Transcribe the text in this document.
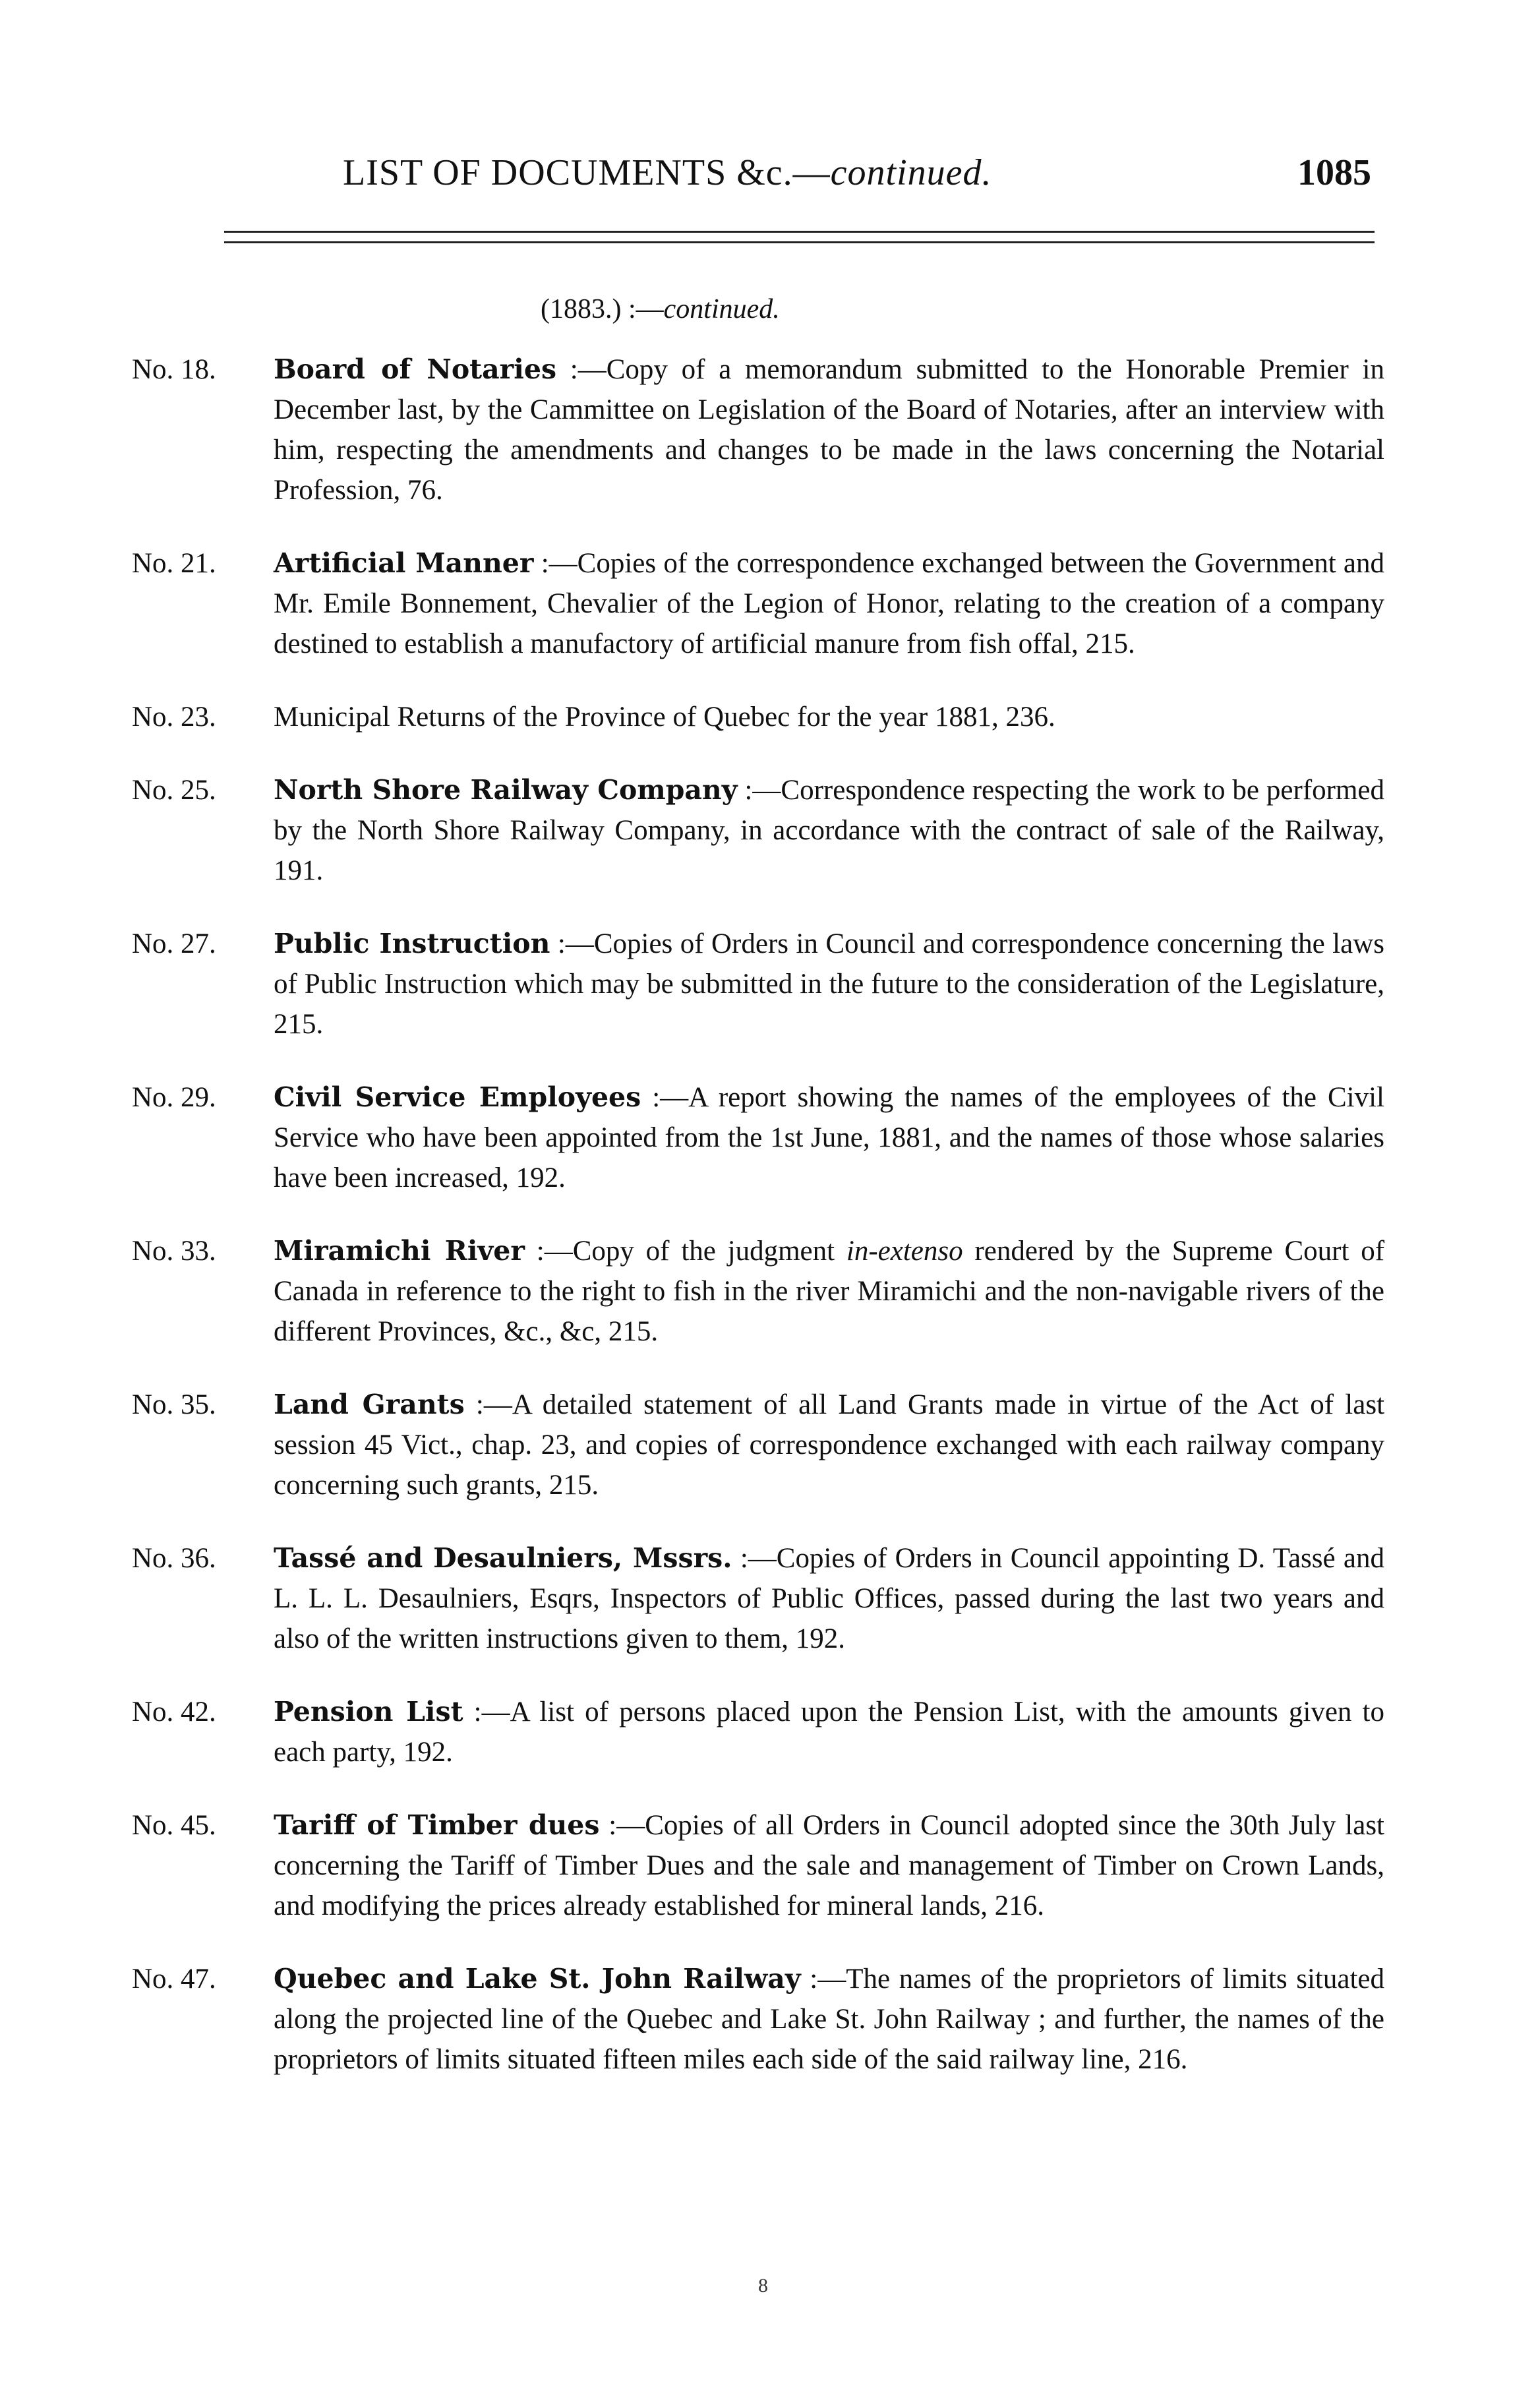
LIST OF DOCUMENTS &c.—continued.	1085
(1883.) :—continued.
No. 18. Board of Notaries :—Copy of a memorandum submitted to the Honorable Premier in December last, by the Cammittee on Legislation of the Board of Notaries, after an interview with him, respecting the amendments and changes to be made in the laws concerning the Notarial Profession, 76.
No. 21. Artificial Manner :—Copies of the correspondence exchanged between the Government and Mr. Emile Bonnement, Chevalier of the Legion of Honor, relating to the creation of a company destined to establish a manufactory of artificial manure from fish offal, 215.
No. 23. Municipal Returns of the Province of Quebec for the year 1881, 236.
No. 25. North Shore Railway Company :—Correspondence respecting the work to be performed by the North Shore Railway Company, in accordance with the contract of sale of the Railway, 191.
No. 27. Public Instruction :—Copies of Orders in Council and correspondence concerning the laws of Public Instruction which may be submitted in the future to the consideration of the Legislature, 215.
No. 29. Civil Service Employees :—A report showing the names of the employees of the Civil Service who have been appointed from the 1st June, 1881, and the names of those whose salaries have been increased, 192.
No. 33. Miramichi River :—Copy of the judgment in-extenso rendered by the Supreme Court of Canada in reference to the right to fish in the river Miramichi and the non-navigable rivers of the different Provinces, &c., &c, 215.
No. 35. Land Grants :—A detailed statement of all Land Grants made in virtue of the Act of last session 45 Vict., chap. 23, and copies of correspondence exchanged with each railway company concerning such grants, 215.
No. 36. Tassé and Desaulniers, Mssrs. :—Copies of Orders in Council appointing D. Tassé and L. L. L. Desaulniers, Esqrs, Inspectors of Public Offices, passed during the last two years and also of the written instructions given to them, 192.
No. 42. Pension List :—A list of persons placed upon the Pension List, with the amounts given to each party, 192.
No. 45. Tariff of Timber dues :—Copies of all Orders in Council adopted since the 30th July last concerning the Tariff of Timber Dues and the sale and management of Timber on Crown Lands, and modifying the prices already established for mineral lands, 216.
No. 47. Quebec and Lake St. John Railway :—The names of the proprietors of limits situated along the projected line of the Quebec and Lake St. John Railway ; and further, the names of the proprietors of limits situated fifteen miles each side of the said railway line, 216.
8
